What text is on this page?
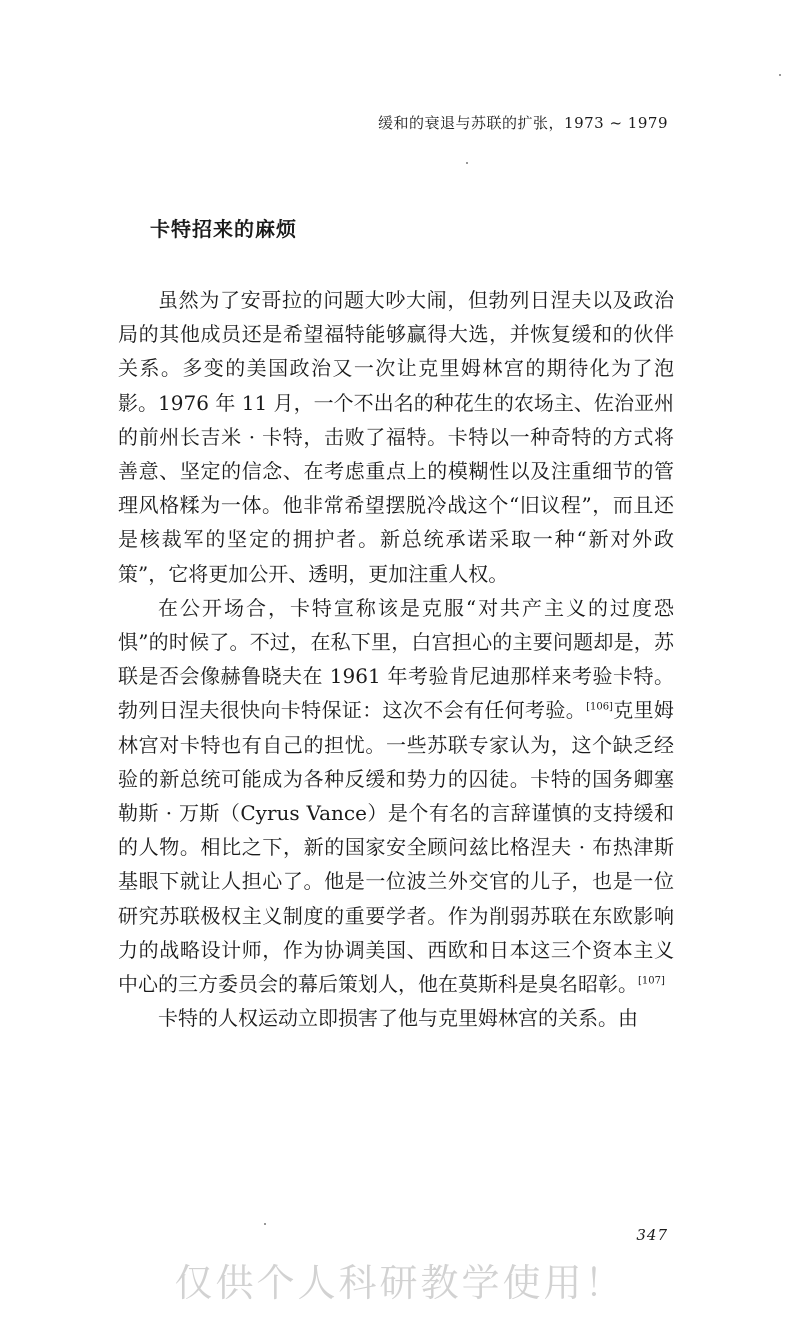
缓和的衰退与苏联的扩张，1973 ~ 1979
卡特招来的麻烦

虽然为了安哥拉的问题大吵大闹，但勃列日涅夫以及政治局的其他成员还是希望福特能够赢得大选，并恢复缓和的伙伴关系。多变的美国政治又一次让克里姆林宫的期待化为了泡影。1976 年 11 月，一个不出名的种花生的农场主、佐治亚州的前州长吉米 · 卡特，击败了福特。卡特以一种奇特的方式将善意、坚定的信念、在考虑重点上的模糊性以及注重细节的管理风格糅为一体。他非常希望摆脱冷战这个“旧议程”，而且还是核裁军的坚定的拥护者。新总统承诺采取一种“新对外政策”，它将更加公开、透明，更加注重人权。

在公开场合，卡特宣称该是克服“对共产主义的过度恐惧”的时候了。不过，在私下里，白宫担心的主要问题却是，苏联是否会像赫鲁晓夫在 1961 年考验肯尼迪那样来考验卡特。勃列日涅夫很快向卡特保证：这次不会有任何考验。[106]克里姆林宫对卡特也有自己的担忧。一些苏联专家认为，这个缺乏经验的新总统可能成为各种反缓和势力的囚徒。卡特的国务卿塞勒斯 · 万斯（Cyrus Vance）是个有名的言辞谨慎的支持缓和的人物。相比之下，新的国家安全顾问兹比格涅夫 · 布热津斯基眼下就让人担心了。他是一位波兰外交官的儿子，也是一位研究苏联极权主义制度的重要学者。作为削弱苏联在东欧影响力的战略设计师，作为协调美国、西欧和日本这三个资本主义中心的三方委员会的幕后策划人，他在莫斯科是臭名昭彰。[107]

卡特的人权运动立即损害了他与克里姆林宫的关系。由

347
仅供个人科研教学使用！
